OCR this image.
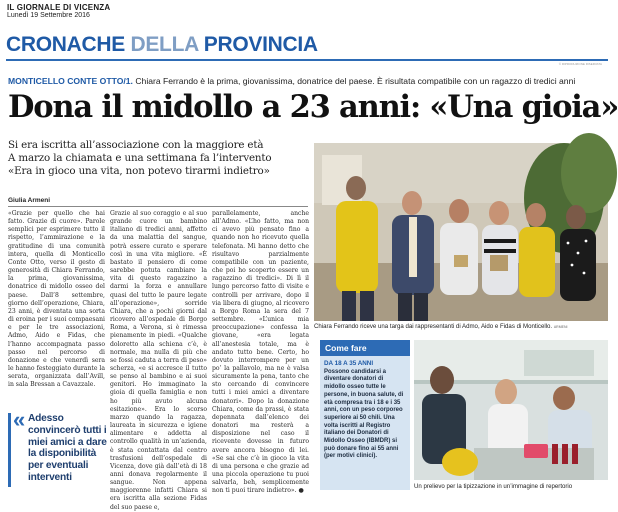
IL GIORNALE DI VICENZA
Lunedì 19 Settembre 2016
CRONACHE DELLA PROVINCIA
© RIPRODUZIONE RISERVATA
MONTICELLO CONTE OTTO/1. Chiara Ferrando è la prima, giovanissima, donatrice del paese. È risultata compatibile con un ragazzo di tredici anni
Dona il midollo a 23 anni: «Una gioia»
Si era iscritta all’associazione con la maggiore età
A marzo la chiamata e una settimana fa l’intervento
«Era in gioco una vita, non potevo tirarmi indietro»
Giulia Armeni

«Grazie per quello che hai fatto. Grazie di cuore». Parole semplici per esprimere tutto il rispetto, l’ammirazione e la gratitudine di una comunità intera, quella di Monticello Conte Otto, verso il gesto di generosità di Chiara Ferrando, la prima, giovanissima, donatrice di midollo osseo del paese. Dall’8 settembre, giorno dell’operazione, Chiara, 23 anni, è diventata una sorta di eroina per i suoi compaesani e per le tre associazioni, Admo, Aido e Fidas, che l’hanno accompagnata passo passo nel percorso di donazione e che venerdì sera le hanno festeggiato durante la serata, organizzata dall’Avill, in sala Bressan a Cavazzale.

Grazie al suo coraggio e al suo grande cuore un bambino italiano di tredici anni, affetto da una malattia del sangue, potrà essere curato e sperare così in una vita migliore. «È bastato il pensiero di come sarebbe potuta cambiare la vita di questo ragazzino a darmi la forza e annullare quasi del tutto le paure legate all’operazione», sorride Chiara, che a pochi giorni dal ricovero all’ospedale di Borgo Roma, a Verona, si è rimessa pienamente in piedi. «Qualche doloretto alla schiena c’è, è normale, ma nulla di più che se fossi caduta a terra di peso» scherza, «e si accresce il tutto se penso al bambino e ai suoi genitori. Ho immaginato la gioia di quella famiglia e non ho più avuto alcuna esitazione». Era lo scorso marzo quando la ragazza, laureata in sicurezza e igiene alimentare e addetta al controllo qualità in un’azienda, è stata contattata dal centro trasfusioni dell’ospedale di Vicenza, dove già dall’età di 18 anni donava regolarmente il sangue. Non appena maggiorenne infatti Chiara si era iscritta alla sezione Fidas del suo paese e,

parallelamente, anche all’Admo. «L’ho fatto, ma non ci avevo più pensato fino a quando non ho ricevuto quella telefonata. Mi hanno detto che risultavo parzialmente compatibile con un paziente, che poi ho scoperto essere un ragazzino di tredici». Di lì il lungo percorso fatto di visite e controlli per arrivare, dopo il via libera di giugno, al ricovero a Borgo Roma la sera del 7 settembre. «L’unica mia preoccupazione» confessa la giovane, «era legata all’anestesia totale, ma è andato tutto bene. Certo, ho dovuto interrompere per un po’ la pallavolo, ma ne è valsa sicuramente la pena, tanto che sto cercando di convincere tutti i miei amici a diventare donatori». Dopo la donazione Chiara, come da prassi, è stata depennata dall’elenco dei donatori ma resterà a disposizione nel caso il ricevente dovesse in futuro avere ancora bisogno di lei. «Se sai che c’è in gioco la vita di una persona e che grazie ad una piccola operazione tu puoi salvarla, beh, semplicemente non ti puoi tirare indietro». ●

« Adesso convincerò tutti i miei amici a dare la disponibilità per eventuali interventi
Chiara Ferrando riceve una targa dai rappresentanti di Admo, Aido e Fidas di Monticello. ARMENI
Come fare
DA 18 A 35 ANNI
Possono candidarsi a diventare donatori di midollo osseo tutte le persone, in buona salute, di età compresa tra i 18 e i 35 anni, con un peso corporeo superiore ai 50 chili. Una volta iscritti al Registro italiano dei Donatori di Midollo Osseo (IBMDR) si può donare fino ai 55 anni (per motivi clinici).
Un prelievo per la tipizzazione in un’immagine di repertorio
